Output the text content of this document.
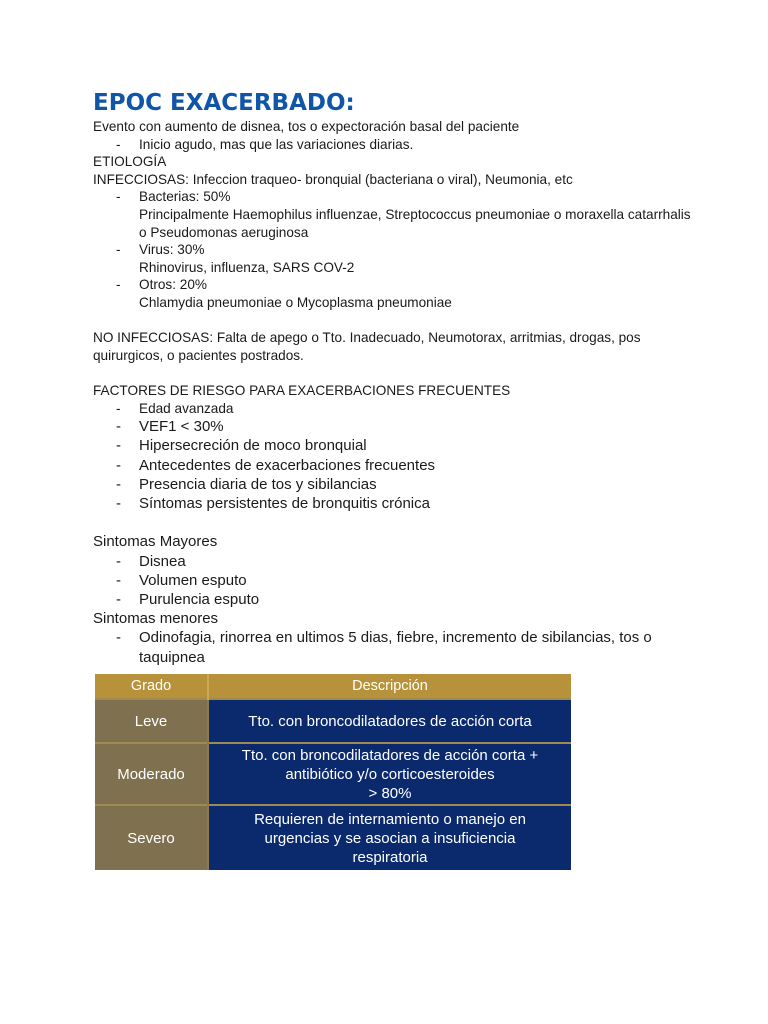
EPOC EXACERBADO:

Evento con aumento de disnea, tos o expectoración basal del paciente

- Inicio agudo, mas que las variaciones diarias.

ETIOLOGÍA

INFECCIOSAS: Infeccion traqueo- bronquial (bacteriana o viral), Neumonia, etc

- Bacterias: 50%
Principalmente Haemophilus influenzae, Streptococcus pneumoniae o moraxella catarrhalis o Pseudomonas aeruginosa
- Virus: 30%
Rhinovirus, influenza, SARS COV-2
- Otros: 20%
Chlamydia pneumoniae o Mycoplasma pneumoniae

NO INFECCIOSAS: Falta de apego o Tto. Inadecuado, Neumotorax, arritmias, drogas, pos quirurgicos, o pacientes postrados.

FACTORES DE RIESGO PARA EXACERBACIONES FRECUENTES

- Edad avanzada
- VEF1 < 30%
- Hipersecreción de moco bronquial
- Antecedentes de exacerbaciones frecuentes
- Presencia diaria de tos y sibilancias
- Síntomas persistentes de bronquitis crónica

Sintomas Mayores

- Disnea
- Volumen esputo
- Purulencia esputo

Sintomas menores

- Odinofagia, rinorrea en ultimos 5 dias, fiebre, incremento de sibilancias, tos o taquipnea
Grado	Descripción
Leve	Tto. con broncodilatadores de acción corta

Moderado	Tto. con broncodilatadores de acción corta +
antibiótico y/o corticoesteroides
> 80%

Severo	Requieren de internamiento o manejo en
urgencias y se asocian a insuficiencia
respiratoria
